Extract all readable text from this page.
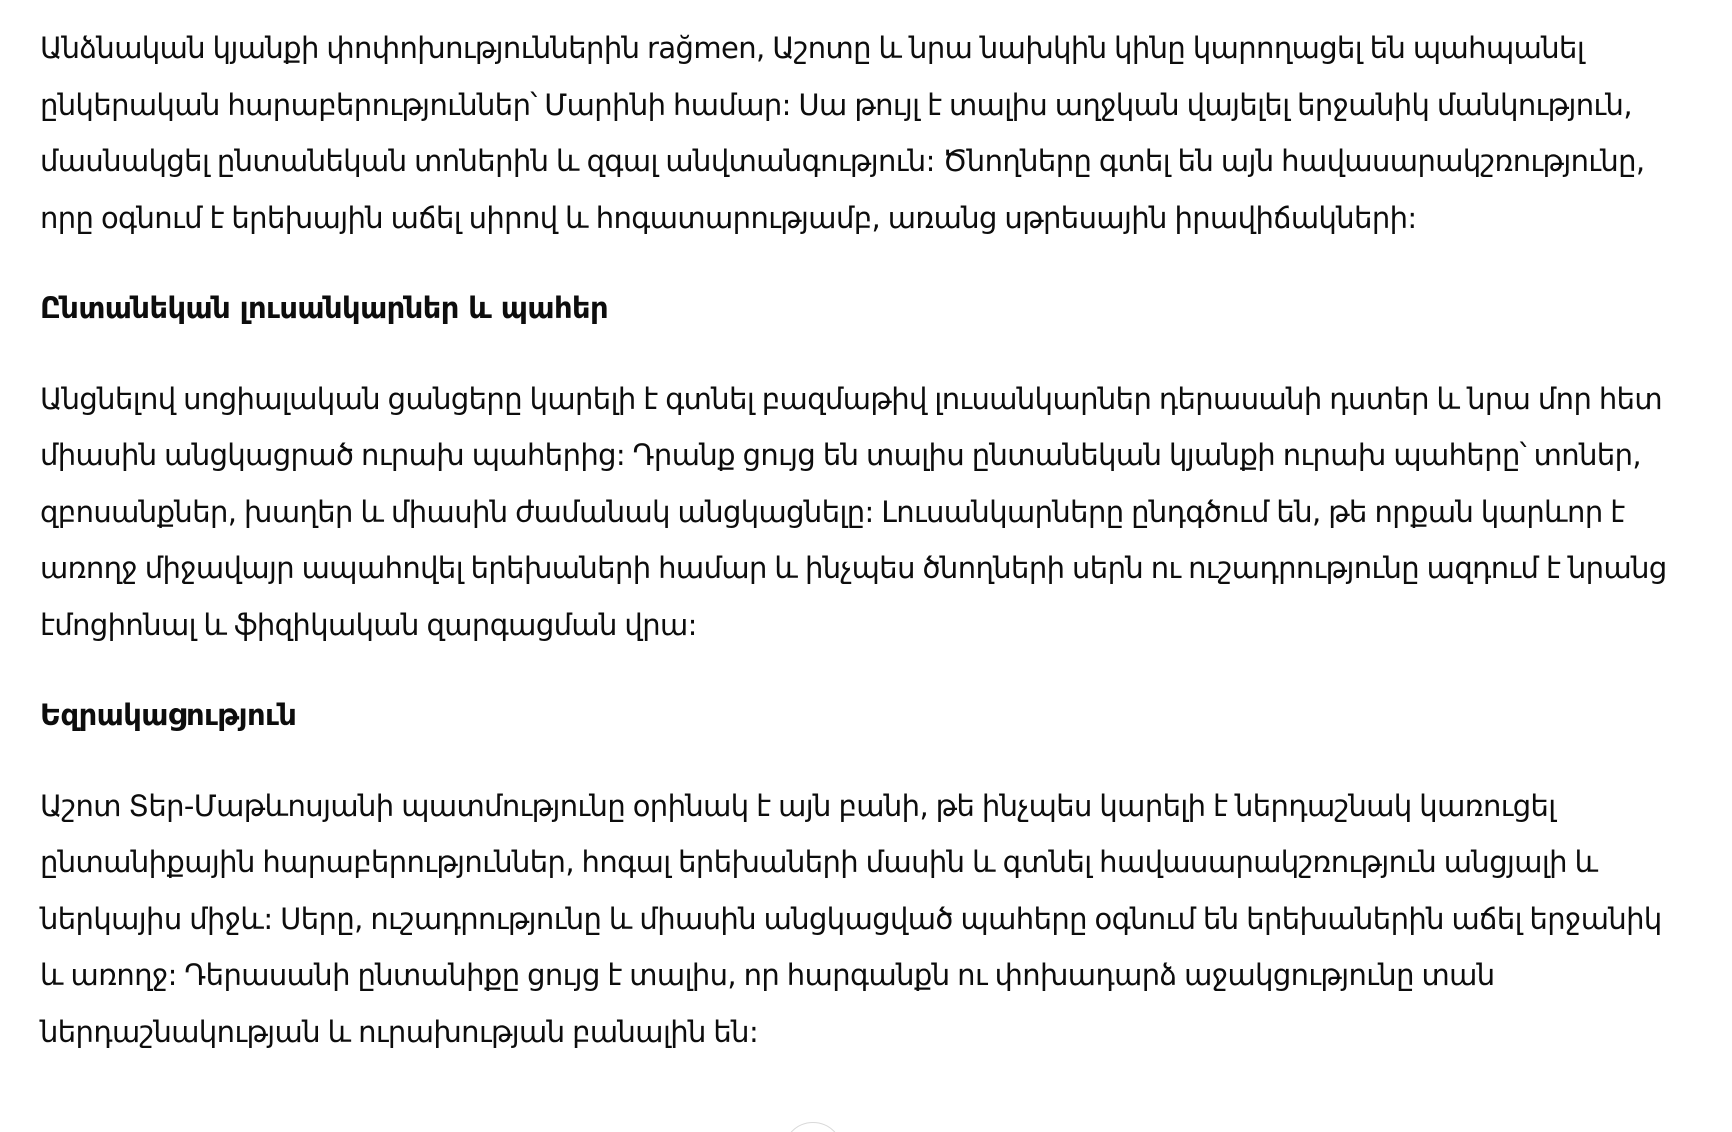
Անձնական կյանքի փոփոխություններին rağmen, Աշոտը և նրա նախկին կինը կարողացել են պահպանել ընկերական հարաբերություններ՝ Մարինի համար: Սա թույլ է տալիս աղջկան վայելել երջանիկ մանկություն, մասնակցել ընտանեկան տոներին և զգալ անվտանգություն: Ծնողները գտել են այն հավասարակշռությունը, որը օգնում է երեխային աճել սիրով և հոգատարությամբ, առանց սթրեսային իրավիճակների:

Ընտանեկան լուսանկարներ և պահեր

Անցնելով սոցիալական ցանցերը կարելի է գտնել բազմաթիվ լուսանկարներ դերասանի դստեր և նրա մոր հետ միասին անցկացրած ուրախ պահերից: Դրանք ցույց են տալիս ընտանեկան կյանքի ուրախ պահերը՝ տոներ, զբոսանքներ, խաղեր և միասին ժամանակ անցկացնելը: Լուսանկարները ընդգծում են, թե որքան կարևոր է առողջ միջավայր ապահովել երեխաների համար և ինչպես ծնողների սերն ու ուշադրությունը ազդում է նրանց էմոցիոնալ և ֆիզիկական զարգացման վրա:

Եզրակացություն

Աշոտ Տեր-Մաթևոսյանի պատմությունը օրինակ է այն բանի, թե ինչպես կարելի է ներդաշնակ կառուցել ընտանիքային հարաբերություններ, հոգալ երեխաների մասին և գտնել հավասարակշռություն անցյալի և ներկայիս միջև: Սերը, ուշադրությունը և միասին անցկացված պահերը օգնում են երեխաներին աճել երջանիկ և առողջ: Դերասանի ընտանիքը ցույց է տալիս, որ հարգանքն ու փոխադարձ աջակցությունը տան ներդաշնակության և ուրախության բանալին են:
